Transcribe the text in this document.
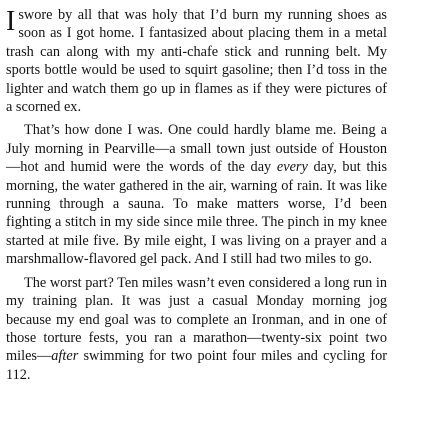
I swore by all that was holy that I’d burn my running shoes as soon as I got home. I fantasized about placing them in a metal trash can along with my anti-chafe stick and running belt. My sports bottle would be used to squirt gasoline; then I’d toss in the lighter and watch them go up in flames as if they were pictures of a scorned ex.

That’s how done I was. One could hardly blame me. Being a July morning in Pearville—a small town just outside of Houston—hot and humid were the words of the day every day, but this morning, the water gathered in the air, warning of rain. It was like running through a sauna. To make matters worse, I’d been fighting a stitch in my side since mile three. The pinch in my knee started at mile five. By mile eight, I was living on a prayer and a marshmallow-flavored gel pack. And I still had two miles to go.

The worst part? Ten miles wasn’t even considered a long run in my training plan. It was just a casual Monday morning jog because my end goal was to complete an Ironman, and in one of those torture fests, you ran a marathon—twenty-six point two miles—after swimming for two point four miles and cycling for 112.
